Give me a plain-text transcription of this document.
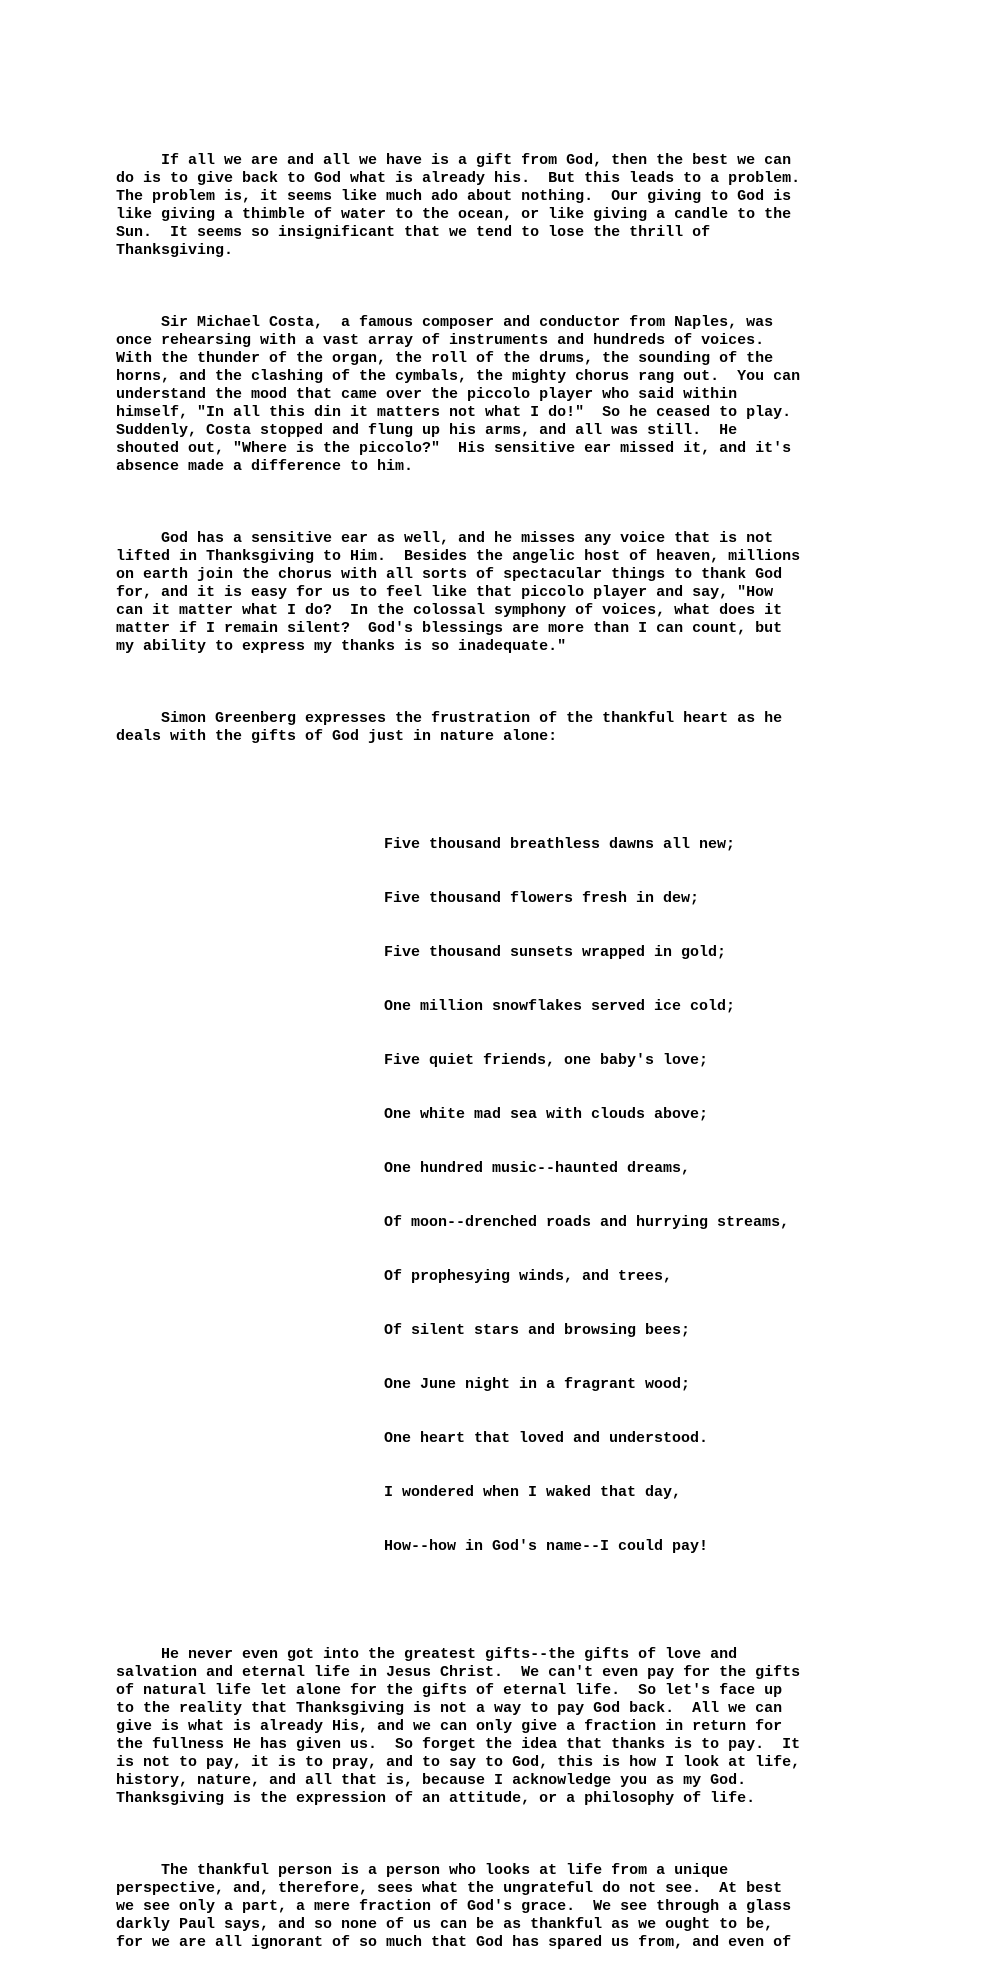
If all we are and all we have is a gift from God, then the best we can
do is to give back to God what is already his.  But this leads to a problem.
The problem is, it seems like much ado about nothing.  Our giving to God is
like giving a thimble of water to the ocean, or like giving a candle to the
Sun.  It seems so insignificant that we tend to lose the thrill of
Thanksgiving.

Sir Michael Costa,  a famous composer and conductor from Naples, was
once rehearsing with a vast array of instruments and hundreds of voices.
With the thunder of the organ, the roll of the drums, the sounding of the
horns, and the clashing of the cymbals, the mighty chorus rang out.  You can
understand the mood that came over the piccolo player who said within
himself, "In all this din it matters not what I do!"  So he ceased to play.
Suddenly, Costa stopped and flung up his arms, and all was still.  He
shouted out, "Where is the piccolo?"  His sensitive ear missed it, and it's
absence made a difference to him.

God has a sensitive ear as well, and he misses any voice that is not
lifted in Thanksgiving to Him.  Besides the angelic host of heaven, millions
on earth join the chorus with all sorts of spectacular things to thank God
for, and it is easy for us to feel like that piccolo player and say, "How
can it matter what I do?  In the colossal symphony of voices, what does it
matter if I remain silent?  God's blessings are more than I can count, but
my ability to express my thanks is so inadequate."

Simon Greenberg expresses the frustration of the thankful heart as he
deals with the gifts of God just in nature alone:

Five thousand breathless dawns all new;

Five thousand flowers fresh in dew;

Five thousand sunsets wrapped in gold;

One million snowflakes served ice cold;

Five quiet friends, one baby's love;

One white mad sea with clouds above;

One hundred music--haunted dreams,

Of moon--drenched roads and hurrying streams,

Of prophesying winds, and trees,

Of silent stars and browsing bees;

One June night in a fragrant wood;

One heart that loved and understood.

I wondered when I waked that day,

How--how in God's name--I could pay!

He never even got into the greatest gifts--the gifts of love and
salvation and eternal life in Jesus Christ.  We can't even pay for the gifts
of natural life let alone for the gifts of eternal life.  So let's face up
to the reality that Thanksgiving is not a way to pay God back.  All we can
give is what is already His, and we can only give a fraction in return for
the fullness He has given us.  So forget the idea that thanks is to pay.  It
is not to pay, it is to pray, and to say to God, this is how I look at life,
history, nature, and all that is, because I acknowledge you as my God.
Thanksgiving is the expression of an attitude, or a philosophy of life.

The thankful person is a person who looks at life from a unique
perspective, and, therefore, sees what the ungrateful do not see.  At best
we see only a part, a mere fraction of God's grace.  We see through a glass
darkly Paul says, and so none of us can be as thankful as we ought to be,
for we are all ignorant of so much that God has spared us from, and even of
